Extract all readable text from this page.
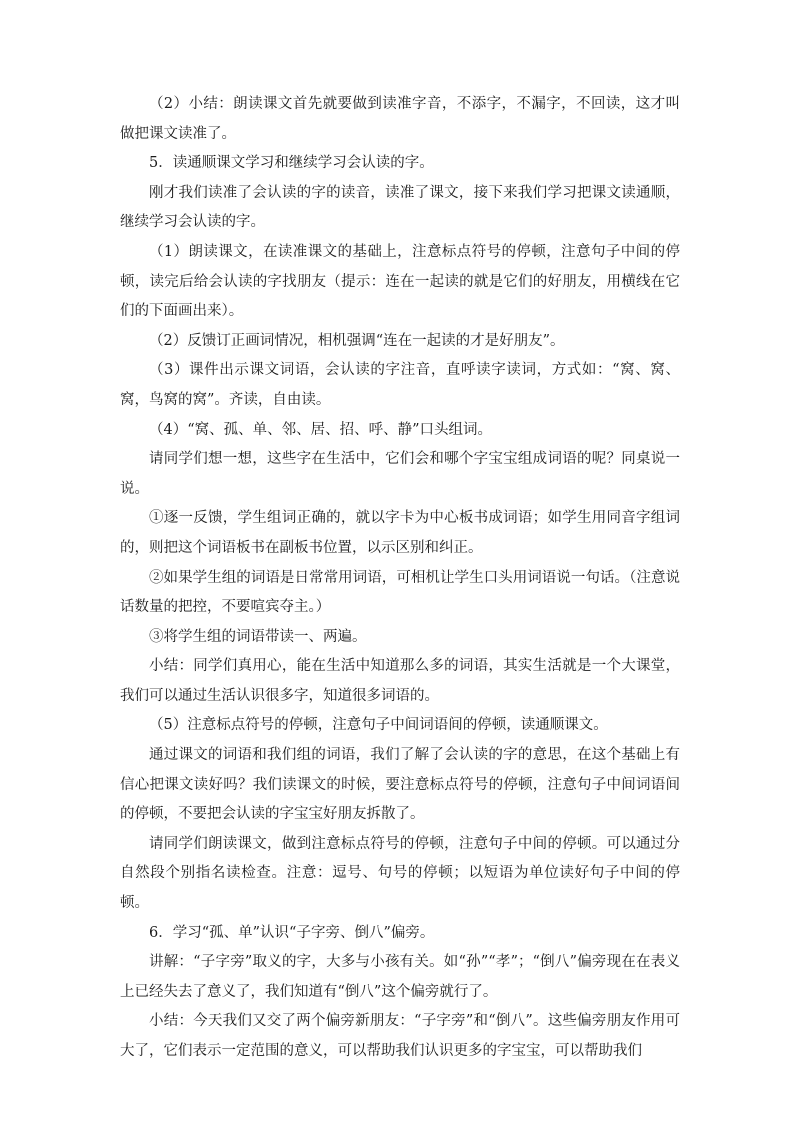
（2）小结：朗读课文首先就要做到读准字音，不添字，不漏字，不回读，这才叫做把课文读准了。

5．读通顺课文学习和继续学习会认读的字。

刚才我们读准了会认读的字的读音，读准了课文，接下来我们学习把课文读通顺，继续学习会认读的字。

（1）朗读课文，在读准课文的基础上，注意标点符号的停顿，注意句子中间的停顿，读完后给会认读的字找朋友（提示：连在一起读的就是它们的好朋友，用横线在它们的下面画出来）。

（2）反馈订正画词情况，相机强调“连在一起读的才是好朋友”。

（3）课件出示课文词语，会认读的字注音，直呼读字读词，方式如：“窝、窝、窝，鸟窝的窝”。齐读，自由读。

（4）“窝、孤、单、邻、居、招、呼、静”口头组词。

请同学们想一想，这些字在生活中，它们会和哪个字宝宝组成词语的呢？同桌说一说。

①逐一反馈，学生组词正确的，就以字卡为中心板书成词语；如学生用同音字组词的，则把这个词语板书在副板书位置，以示区别和纠正。

②如果学生组的词语是日常常用词语，可相机让学生口头用词语说一句话。（注意说话数量的把控，不要喧宾夺主。）

③将学生组的词语带读一、两遍。

小结：同学们真用心，能在生活中知道那么多的词语，其实生活就是一个大课堂，我们可以通过生活认识很多字，知道很多词语的。

（5）注意标点符号的停顿，注意句子中间词语间的停顿，读通顺课文。

通过课文的词语和我们组的词语，我们了解了会认读的字的意思，在这个基础上有信心把课文读好吗？我们读课文的时候，要注意标点符号的停顿，注意句子中间词语间的停顿，不要把会认读的字宝宝好朋友拆散了。

请同学们朗读课文，做到注意标点符号的停顿，注意句子中间的停顿。可以通过分自然段个别指名读检查。注意：逗号、句号的停顿；以短语为单位读好句子中间的停顿。

6．学习“孤、单”认识“子字旁、倒八”偏旁。

讲解：“子字旁”取义的字，大多与小孩有关。如“孙”“孝”；“倒八”偏旁现在在表义上已经失去了意义了，我们知道有“倒八”这个偏旁就行了。

小结：今天我们又交了两个偏旁新朋友：“子字旁”和“倒八”。这些偏旁朋友作用可大了，它们表示一定范围的意义，可以帮助我们认识更多的字宝宝，可以帮助我们
